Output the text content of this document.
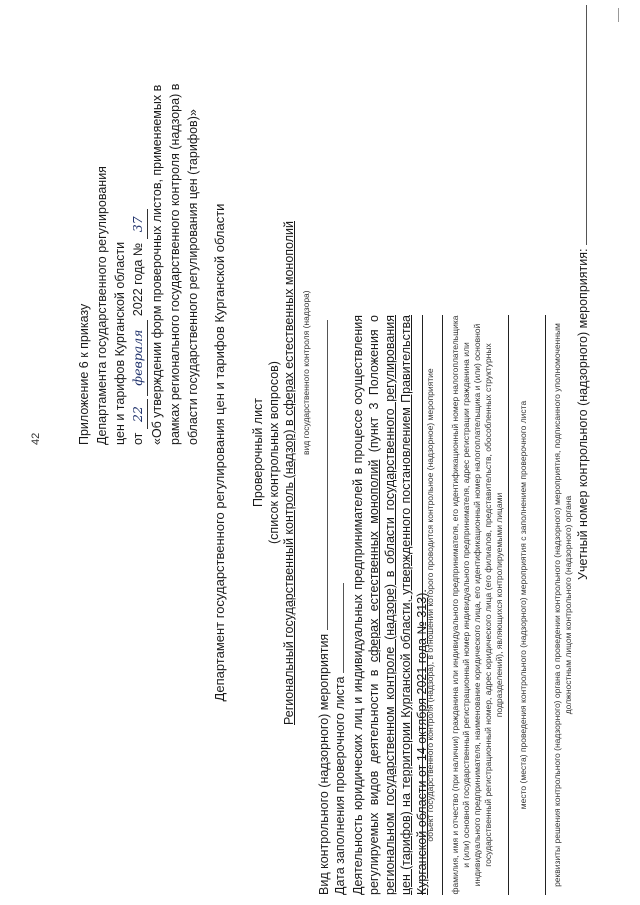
42	Приложение 6 к приказу Департамента государственного регулирования цен и тарифов Курганской области от 22 февраля 2022 года № 37 «Об утверждении форм проверочных листов, применяемых в рамках регионального государственного контроля (надзора) в области государственного регулирования цен (тарифов)» Департамент государственного регулирования цен и тарифов Курганской области Проверочный лист (список контрольных вопросов) Региональный государственный контроль (надзор) в сферах естественных монополий вид государственного контроля (надзора)
Вид контрольного (надзорного) мероприятия Дата заполнения проверочного листа Деятельность юридических лиц и индивидуальных предпринимателей в процессе осуществления регулируемых видов деятельности в сферах естественных монополий (пункт 3 Положения о региональном государственном контроле (надзоре) в области государственного регулирования цен (тарифов) на территории Курганской области, утвержденного постановлением Правительства Курганской области от 14 октября 2021 года № 313).
объект государственного контроля (надзора), в отношении которого проводится контрольное (надзорное) мероприятие фамилия, имя и отчество (при наличии) гражданина или индивидуального предпринимателя, его идентификационный номер налогоплательщика и (или) основной государственный регистрационный номер индивидуального предпринимателя, адрес регистрации гражданина или индивидуального предпринимателя, наименование юридического лица, его идентификационный номер налогоплательщика и (или) основной государственный регистрационный номер, адрес юридического лица (его филиалов, представительств, обособленных структурных подразделений), являющихся контролируемыми лицами место (места) проведения контрольного (надзорного) мероприятия с заполнением проверочного листа	реквизиты решения контрольного (надзорного) органа о проведении контрольного (надзорного) мероприятия, подписанного уполномоченным должностным лицом контрольного (надзорного) органа
Учетный номер контрольного (надзорного) мероприятия:
